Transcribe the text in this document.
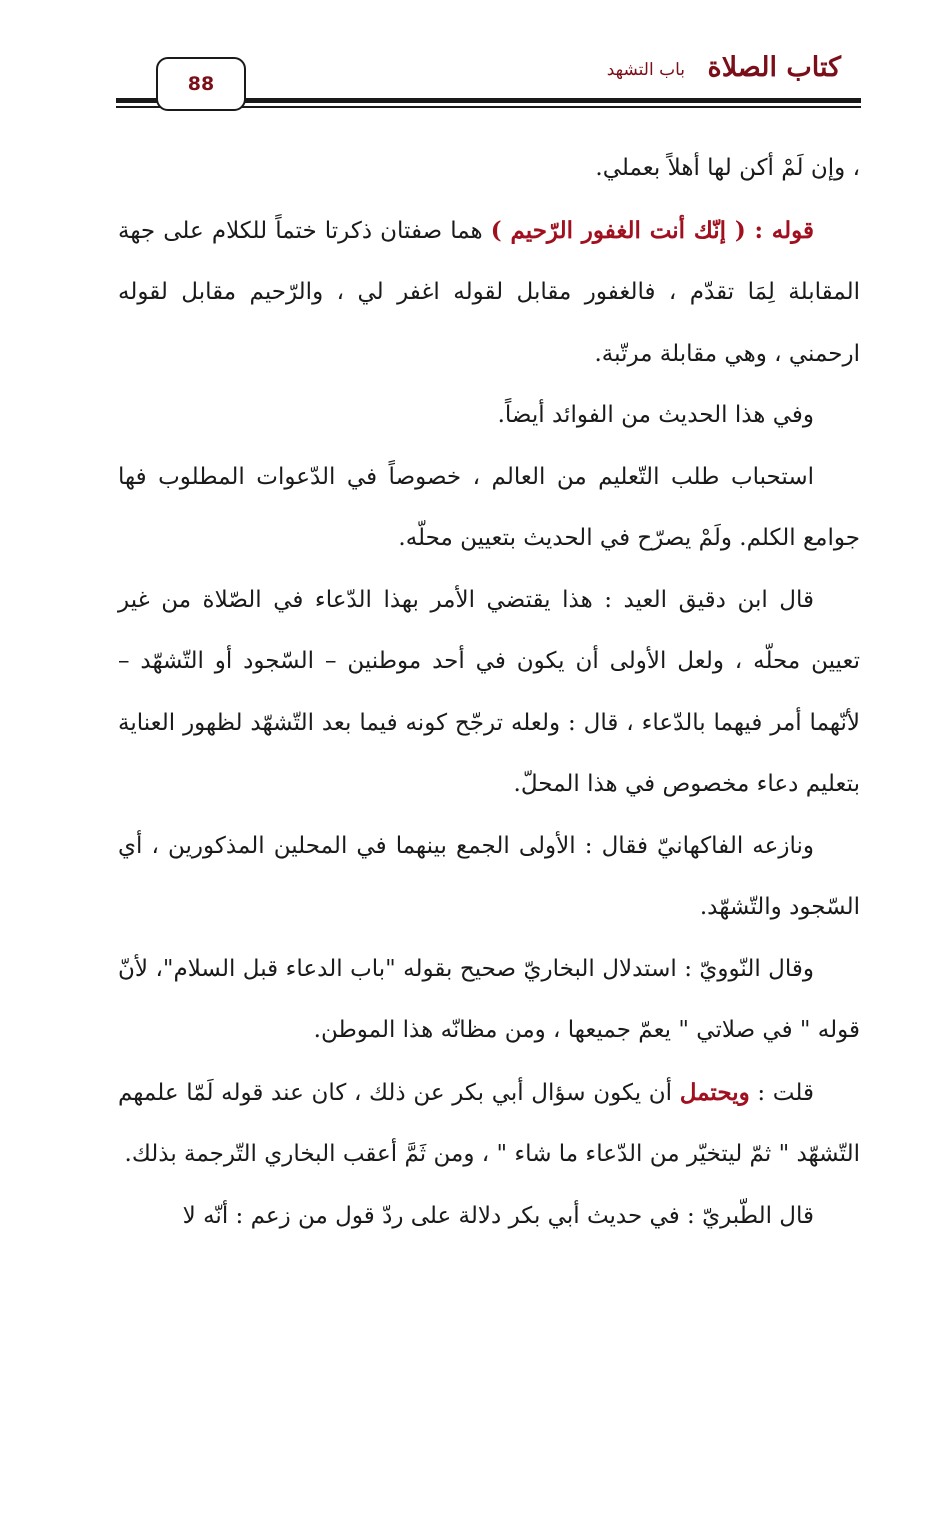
كتاب الصلاة
باب التشهد
88

، وإن لَمْ أكن لها أهلاً بعملي.

قوله : ( إنّك أنت الغفور الرّحيم ) هما صفتان ذكرتا ختماً للكلام على جهة المقابلة لِمَا تقدّم ، فالغفور مقابل لقوله اغفر لي ، والرّحيم مقابل لقوله ارحمني ، وهي مقابلة مرتّبة.

وفي هذا الحديث من الفوائد أيضاً.

استحباب طلب التّعليم من العالم ، خصوصاً في الدّعوات المطلوب فها جوامع الكلم. ولَمْ يصرّح في الحديث بتعيين محلّه.

قال ابن دقيق العيد : هذا يقتضي الأمر بهذا الدّعاء في الصّلاة من غير تعيين محلّه ، ولعل الأولى أن يكون في أحد موطنين – السّجود أو التّشهّد – لأنّهما أمر فيهما بالدّعاء ، قال : ولعله ترجّح كونه فيما بعد التّشهّد لظهور العناية بتعليم دعاء مخصوص في هذا المحلّ.

ونازعه الفاكهانيّ فقال : الأولى الجمع بينهما في المحلين المذكورين ، أي السّجود والتّشهّد.

وقال النّوويّ : استدلال البخاريّ صحيح بقوله "باب الدعاء قبل السلام"، لأنّ قوله " في صلاتي " يعمّ جميعها ، ومن مظانّه هذا الموطن.

قلت : ويحتمل أن يكون سؤال أبي بكر عن ذلك ، كان عند قوله لَمّا علمهم التّشهّد " ثمّ ليتخيّر من الدّعاء ما شاء " ، ومن ثَمَّ أعقب البخاري التّرجمة بذلك.

قال الطّبريّ : في حديث أبي بكر دلالة على ردّ قول من زعم : أنّه لا
